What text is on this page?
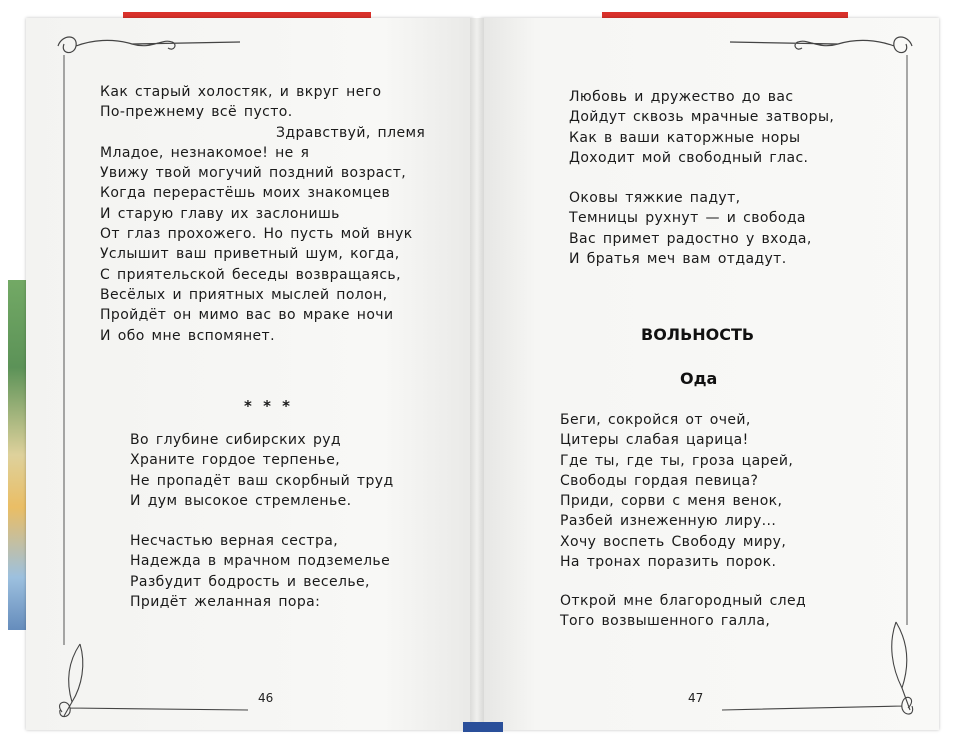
Как старый холостяк, и вкруг него
По-прежнему всё пусто.
Здравствуй, племя
Младое, незнакомое! не я
Увижу твой могучий поздний возраст,
Когда перерастёшь моих знакомцев
И старую главу их заслонишь
От глаз прохожего. Но пусть мой внук
Услышит ваш приветный шум, когда,
С приятельской беседы возвращаясь,
Весёлых и приятных мыслей полон,
Пройдёт он мимо вас во мраке ночи
И обо мне вспомянет.
* * *
Во глубине сибирских руд
Храните гордое терпенье,
Не пропадёт ваш скорбный труд
И дум высокое стремленье.
Несчастью верная сестра,
Надежда в мрачном подземелье
Разбудит бодрость и веселье,
Придёт желанная пора:
46
Любовь и дружество до вас
Дойдут сквозь мрачные затворы,
Как в ваши каторжные норы
Доходит мой свободный глас.
Оковы тяжкие падут,
Темницы рухнут — и свобода
Вас примет радостно у входа,
И братья меч вам отдадут.
ВОЛЬНОСТЬ
Ода
Беги, сокройся от очей,
Цитеры слабая царица!
Где ты, где ты, гроза царей,
Свободы гордая певица?
Приди, сорви с меня венок,
Разбей изнеженную лиру...
Хочу воспеть Свободу миру,
На тронах поразить порок.
Открой мне благородный след
Того возвышенного галла,
47
